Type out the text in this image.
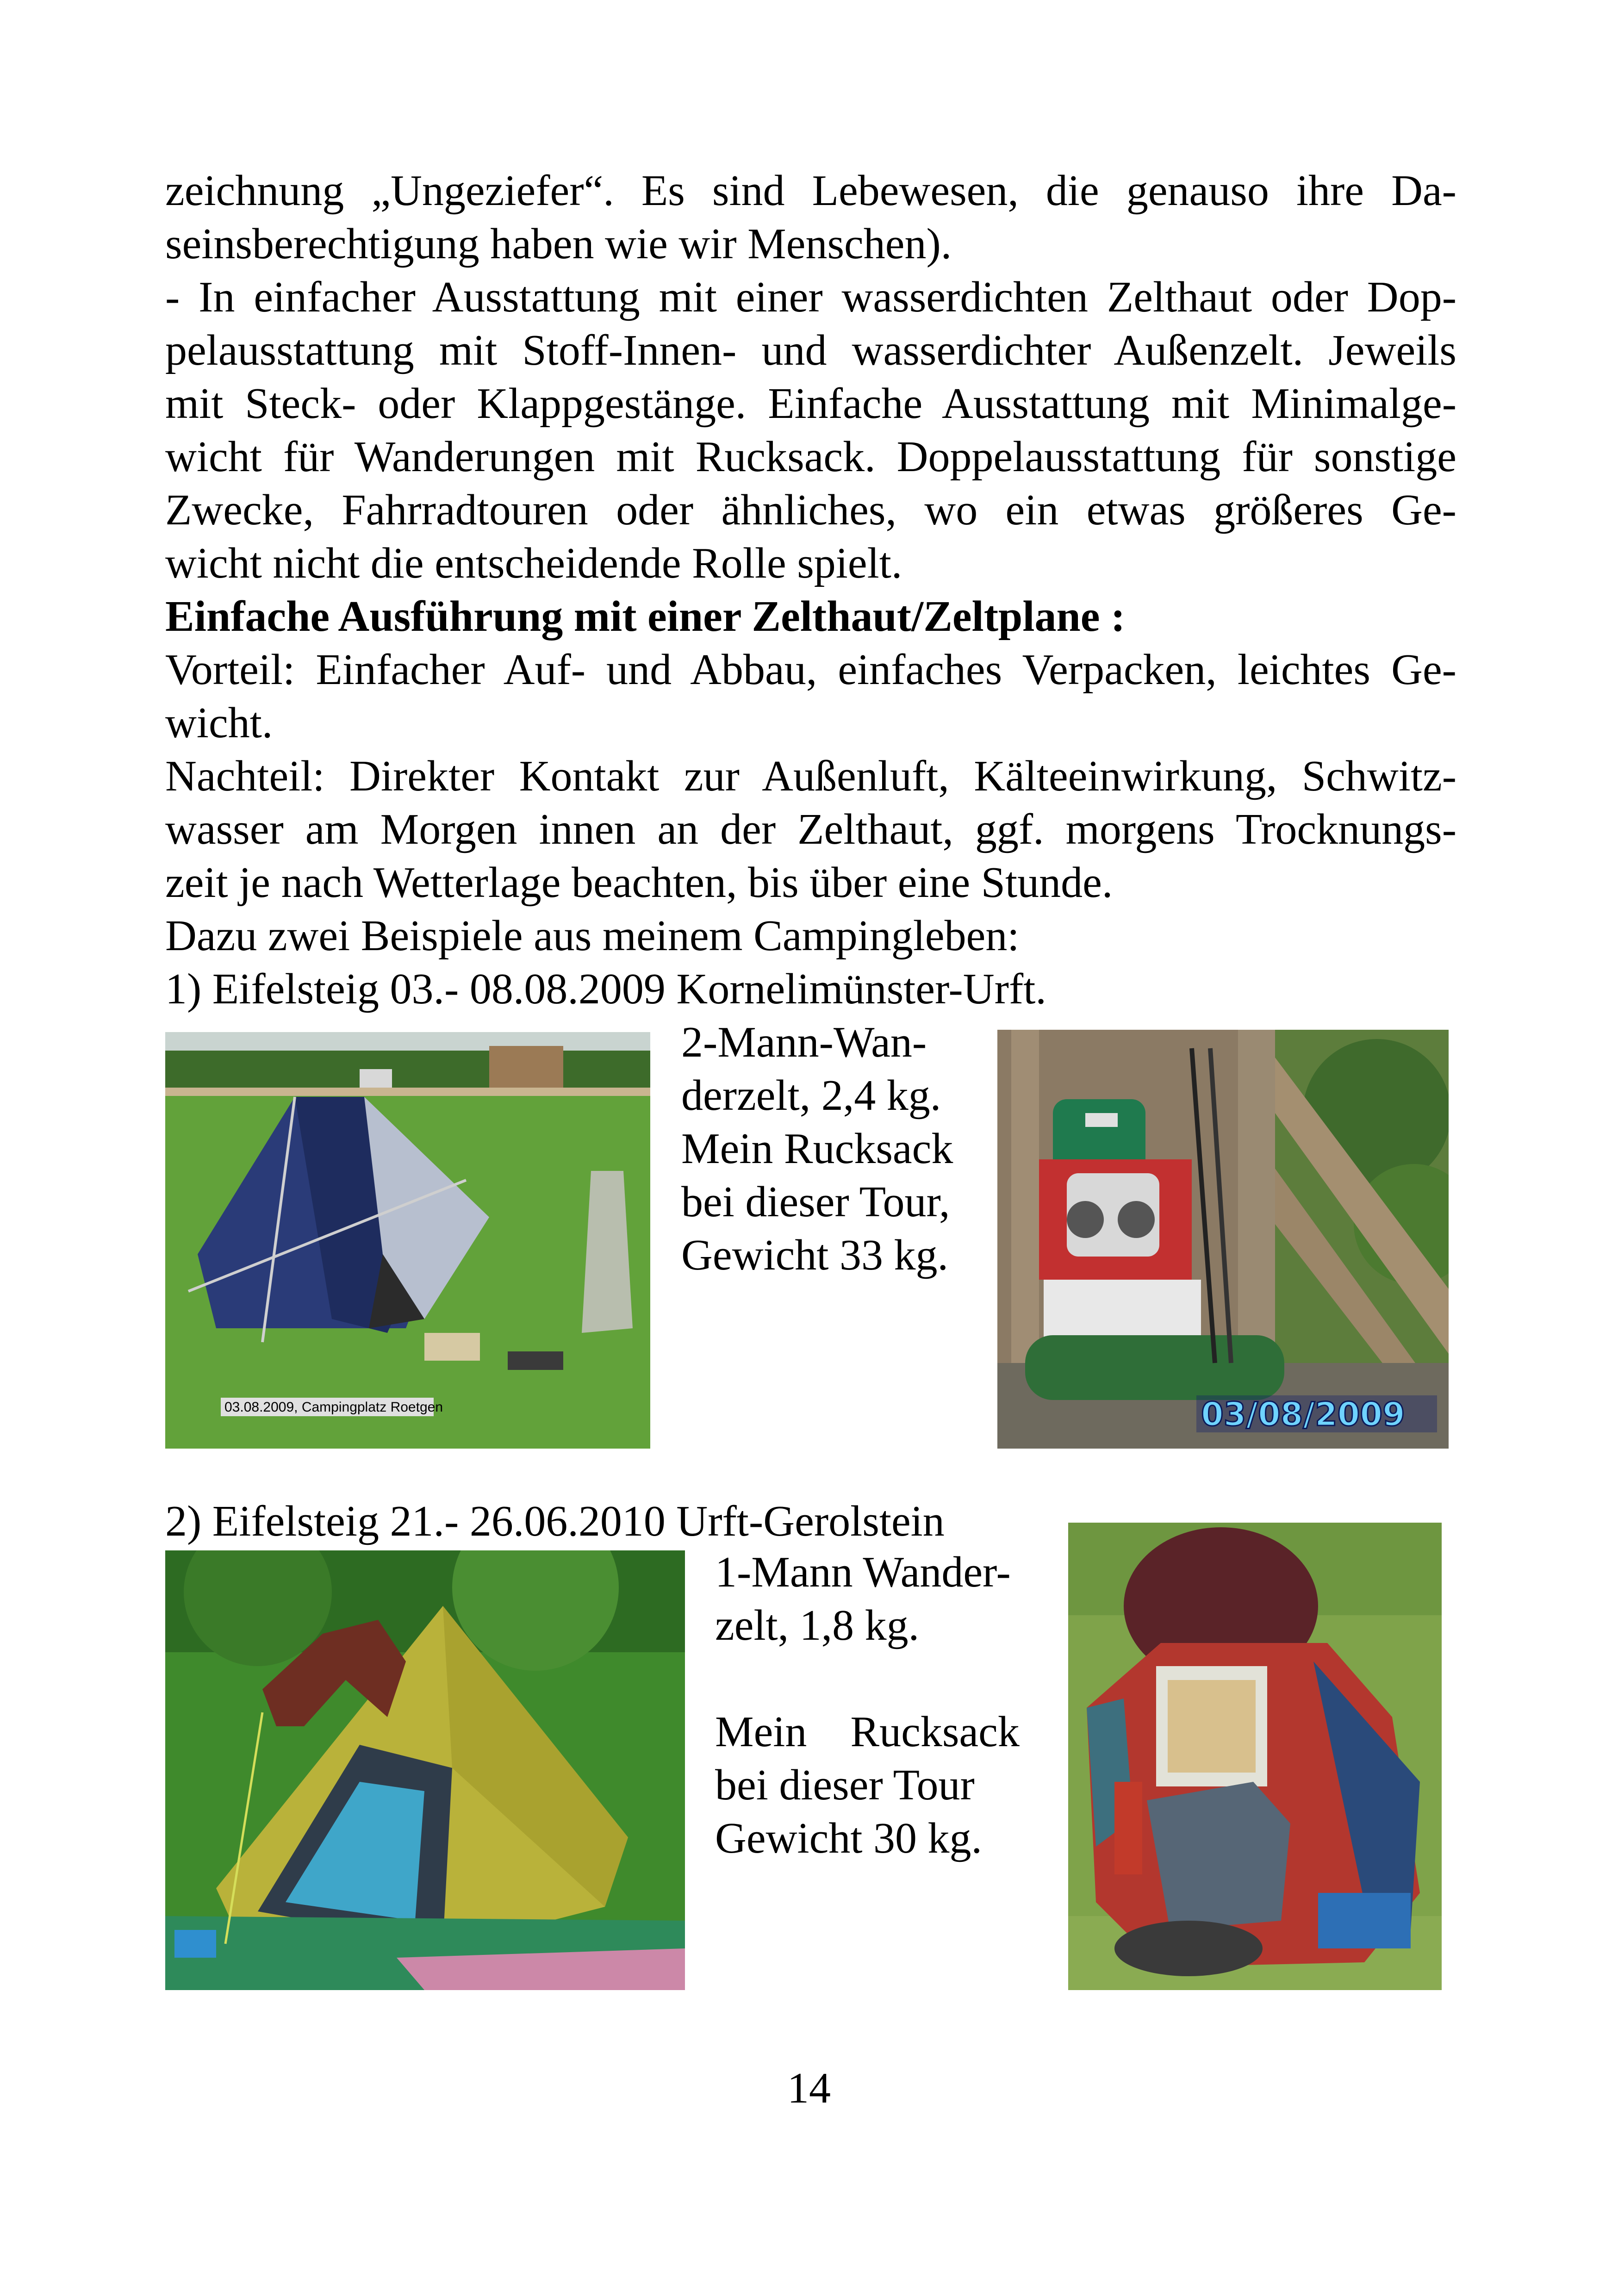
zeichnung „Ungeziefer“. Es sind Lebewesen, die genauso ihre Da-

seinsberechtigung haben wie wir Menschen).

- In einfacher Ausstattung mit einer wasserdichten Zelthaut oder Dop-

pelausstattung mit Stoff-Innen- und wasserdichter Außenzelt. Jeweils

mit Steck- oder Klappgestänge. Einfache Ausstattung mit Minimalge-

wicht für Wanderungen mit Rucksack. Doppelausstattung für sonstige

Zwecke, Fahrradtouren oder ähnliches, wo ein etwas größeres Ge-

wicht nicht die entscheidende Rolle spielt.

Einfache Ausführung mit einer Zelthaut/Zeltplane :

Vorteil: Einfacher Auf- und Abbau, einfaches Verpacken, leichtes Ge-

wicht.

Nachteil: Direkter Kontakt zur Außenluft, Kälteeinwirkung, Schwitz-

wasser am Morgen innen an der Zelthaut, ggf. morgens Trocknungs-

zeit je nach Wetterlage beachten, bis über eine Stunde.

Dazu zwei Beispiele aus meinem Campingleben:

1) Eifelsteig 03.- 08.08.2009 Kornelimünster-Urft.

03.08.2009, Campingplatz Roetgen

2-Mann-Wan-

derzelt, 2,4 kg.

Mein Rucksack

bei dieser Tour,

Gewicht 33 kg.

03/08/2009

2) Eifelsteig 21.- 26.06.2010 Urft-Gerolstein

1-Mann Wander-

zelt, 1,8 kg.

Mein    Rucksack

bei dieser Tour

Gewicht 30 kg.

14
